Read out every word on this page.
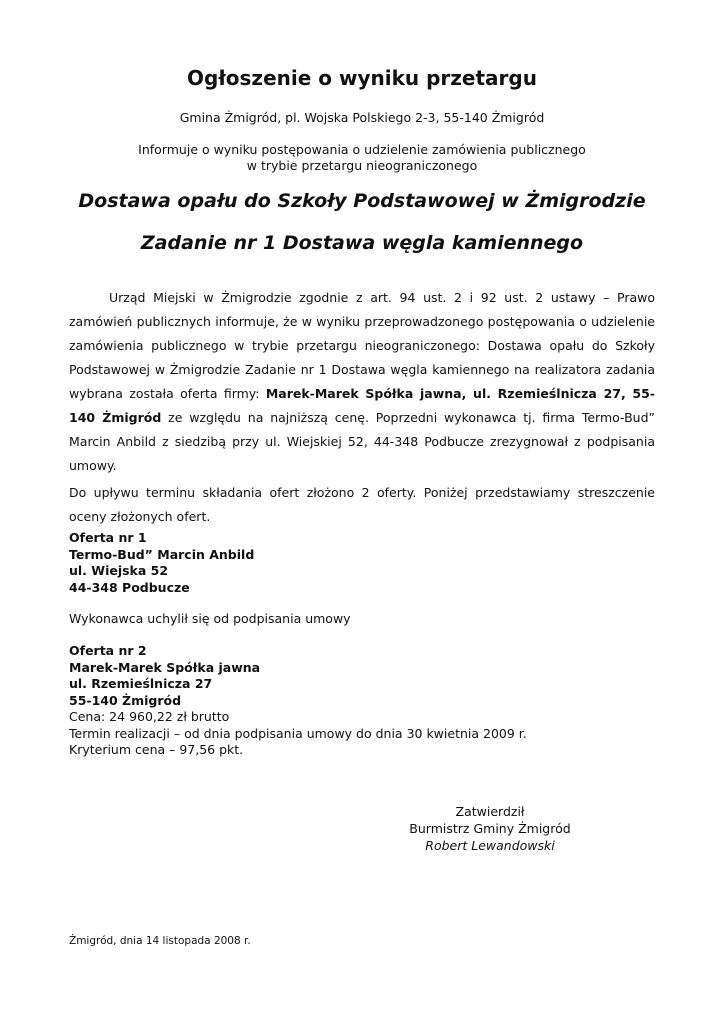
Ogłoszenie o wyniku przetargu
Gmina Żmigród, pl. Wojska Polskiego 2-3, 55-140 Żmigród
Informuje o wyniku postępowania o udzielenie zamówienia publicznego
w trybie przetargu nieograniczonego
Dostawa opału do Szkoły Podstawowej w Żmigrodzie
Zadanie nr 1 Dostawa węgla kamiennego
Urząd Miejski w Żmigrodzie zgodnie z art. 94 ust. 2 i 92 ust. 2 ustawy – Prawo zamówień publicznych informuje, że w wyniku przeprowadzonego postępowania o udzielenie zamówienia publicznego w trybie przetargu nieograniczonego: Dostawa opału do Szkoły Podstawowej w Żmigrodzie Zadanie nr 1 Dostawa węgla kamiennego na realizatora zadania wybrana została oferta firmy: Marek-Marek Spółka jawna, ul. Rzemieślnicza 27, 55-140 Żmigród ze względu na najniższą cenę. Poprzedni wykonawca tj. firma Termo-Bud” Marcin Anbild z siedzibą przy ul. Wiejskiej 52, 44-348 Podbucze zrezygnował z podpisania umowy.
Do upływu terminu składania ofert złożono 2 oferty. Poniżej przedstawiamy streszczenie oceny złożonych ofert.
Oferta nr 1
Termo-Bud” Marcin Anbild
ul. Wiejska 52
44-348 Podbucze
Wykonawca uchylił się od podpisania umowy
Oferta nr 2
Marek-Marek Spółka jawna
ul. Rzemieślnicza 27
55-140 Żmigród
Cena: 24 960,22 zł brutto
Termin realizacji – od dnia podpisania umowy do dnia 30 kwietnia 2009 r.
Kryterium cena – 97,56 pkt.
Zatwierdził
Burmistrz Gminy Żmigród
Robert Lewandowski
Żmigród, dnia 14 listopada 2008 r.
